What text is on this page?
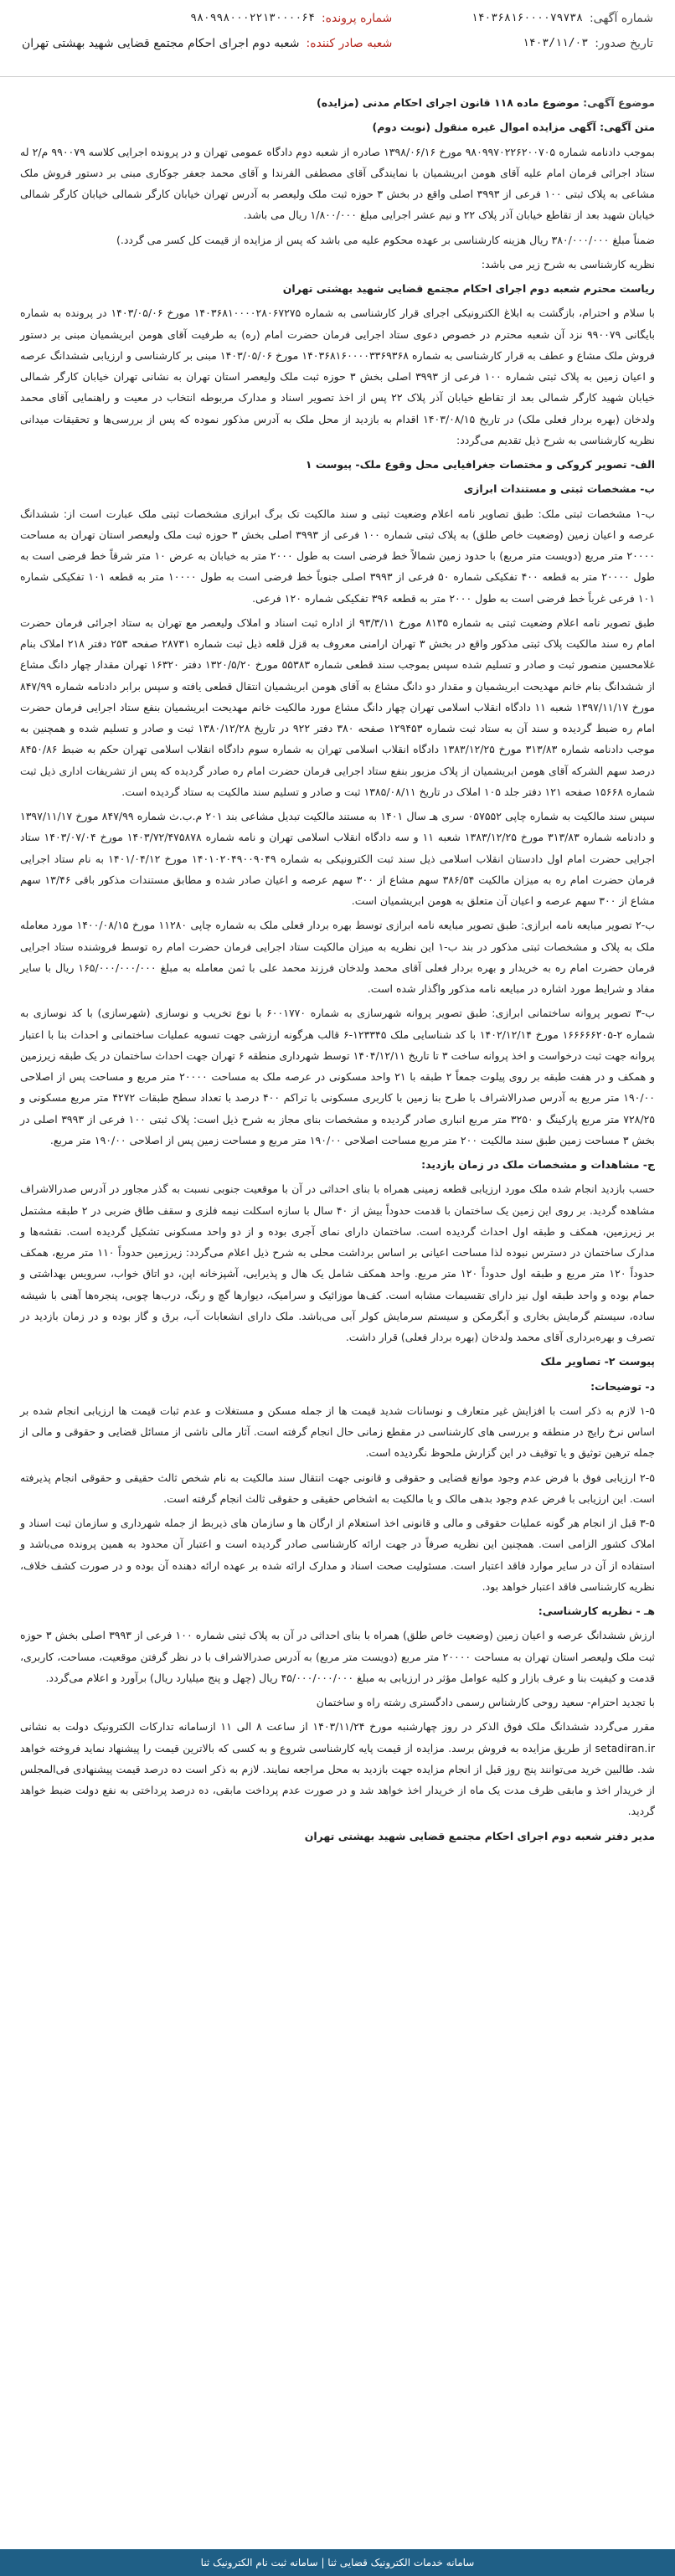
شماره آگهی:
۱۴۰۳۶۸۱۶۰۰۰۰۷۹۷۳۸
تاریخ صدور:
۱۴۰۳/۱۱/۰۳
شماره پرونده:
۹۸۰۹۹۸۰۰۰۲۲۱۳۰۰۰۰۶۴
شعبه صادر کننده:
شعبه دوم اجرای احکام مجتمع قضایی شهید بهشتی تهران

موضوع آگهی: موضوع ماده ۱۱۸ قانون اجرای احکام مدنی (مزایده)

متن آگهی: آگهی مزایده اموال غیره منقول (نوبت دوم)

بموجب دادنامه شماره ۹۸۰۹۹۷۰۲۲۶۲۰۰۷۰۵ مورخ ۱۳۹۸/۰۶/۱۶ صادره از شعبه دوم دادگاه عمومی تهران و در پرونده اجرایی کلاسه ۹۹۰۰۷۹ م/۲ له ستاد اجرائی فرمان امام علیه آقای هومن ابریشمیان با نمایندگی آقای مصطفی الفرندا و آقای محمد جعفر جوکاری مبنی بر دستور فروش ملک مشاعی به پلاک ثبتی ۱۰۰ فرعی از ۳۹۹۳ اصلی واقع در بخش ۳ حوزه ثبت ملک ولیعصر به آدرس تهران خیابان کارگر شمالی خیابان کارگر شمالی خیابان شهید بعد از تقاطع خیابان آذر پلاک ۲۲ و نیم عشر اجرایی مبلغ ۱/۸۰۰/۰۰۰ ریال می باشد.

ضمناً مبلغ ۳۸۰/۰۰۰/۰۰۰ ریال هزینه کارشناسی بر عهده محکوم علیه می باشد که پس از مزایده از قیمت کل کسر می گردد.)

نظریه کارشناسی به شرح زیر می باشد:

ریاست محترم شعبه دوم اجرای احکام مجتمع قضایی شهید بهشتی تهران

با سلام و احترام، بازگشت به ابلاغ الکترونیکی اجرای قرار کارشناسی به شماره ۱۴۰۳۶۸۱۰۰۰۰۲۸۰۶۷۲۷۵ مورخ ۱۴۰۳/۰۵/۰۶ در پرونده به شماره بایگانی ۹۹۰۰۷۹ نزد آن شعبه محترم در خصوص دعوی ستاد اجرایی فرمان حضرت امام (ره) به طرفیت آقای هومن ابریشمیان مبنی بر دستور فروش ملک مشاع و عطف به قرار کارشناسی به شماره ۱۴۰۳۶۸۱۶۰۰۰۰۳۳۶۹۳۶۸ مورخ ۱۴۰۳/۰۵/۰۶ مبنی بر کارشناسی و ارزیابی ششدانگ عرصه و اعیان زمین به پلاک ثبتی شماره ۱۰۰ فرعی از ۳۹۹۳ اصلی بخش ۳ حوزه ثبت ملک ولیعصر استان تهران به نشانی تهران خیابان کارگر شمالی خیابان شهید کارگر شمالی بعد از تقاطع خیابان آذر پلاک ۲۲ پس از اخذ تصویر اسناد و مدارک مربوطه انتخاب در معیت و راهنمایی آقای محمد ولدخان (بهره بردار فعلی ملک) در تاریخ ۱۴۰۳/۰۸/۱۵ اقدام به بازدید از محل ملک به آدرس مذکور نموده که پس از بررسی‌ها و تحقیقات میدانی نظریه کارشناسی به شرح ذیل تقدیم می‌گردد:

الف- تصویر کروکی و مختصات جغرافیایی محل وقوع ملک- پیوست ۱

ب- مشخصات ثبتی و مستندات ابرازی

ب-۱ مشخصات ثبتی ملک: طبق تصاویر نامه اعلام وضعیت ثبتی و سند مالکیت تک برگ ابرازی مشخصات ثبتی ملک عبارت است از: ششدانگ عرصه و اعیان زمین (وضعیت خاص طلق) به پلاک ثبتی شماره ۱۰۰ فرعی از ۳۹۹۳ اصلی بخش ۳ حوزه ثبت ملک ولیعصر استان تهران به مساحت ۲۰۰۰۰ متر مربع (دویست متر مربع) با حدود زمین شمالاً خط فرضی است به طول ۲۰۰۰ متر به خیابان به عرض ۱۰ متر شرقاً خط فرضی است به طول ۲۰۰۰۰ متر به قطعه ۴۰۰ تفکیکی شماره ۵۰ فرعی از ۳۹۹۳ اصلی جنوباً خط فرضی است به طول ۱۰۰۰۰ متر به قطعه ۱۰۱ تفکیکی شماره ۱۰۱ فرعی غرباً خط فرضی است به طول ۲۰۰۰ متر به قطعه ۳۹۶ تفکیکی شماره ۱۲۰ فرعی.

طبق تصویر نامه اعلام وضعیت ثبتی به شماره ۸۱۳۵ مورخ ۹۳/۳/۱۱ از اداره ثبت اسناد و املاک ولیعصر مع تهران به ستاد اجرائی فرمان حضرت امام ره سند مالکیت پلاک ثبتی مذکور واقع در بخش ۳ تهران ارامنی معروف به قزل قلعه ذیل ثبت شماره ۲۸۷۳۱ صفحه ۲۵۳ دفتر ۲۱۸ املاک بنام غلامحسین منصور ثبت و صادر و تسلیم شده سپس بموجب سند قطعی شماره ۵۵۳۸۳ مورخ ۱۳۲۰/۵/۲۰ دفتر ۱۶۳۲۰ تهران مقدار چهار دانگ مشاع از ششدانگ بنام خانم مهدیحت ابریشمیان و مقدار دو دانگ مشاع به آقای هومن ابریشمیان انتقال قطعی یافته و سپس برابر دادنامه شماره ۸۴۷/۹۹ مورخ ۱۳۹۷/۱۱/۱۷ شعبه ۱۱ دادگاه انقلاب اسلامی تهران چهار دانگ مشاع مورد مالکیت خانم مهدیحت ابریشمیان بنفع ستاد اجرایی فرمان حضرت امام ره ضبط گردیده و سند آن به ستاد ثبت شماره ۱۲۹۴۵۳ صفحه ۳۸۰ دفتر ۹۲۲ در تاریخ ۱۳۸۰/۱۲/۲۸ ثبت و صادر و تسلیم شده و همچنین به موجب دادنامه شماره ۳۱۳/۸۳ مورخ ۱۳۸۳/۱۲/۲۵ دادگاه انقلاب اسلامی تهران به شماره سوم دادگاه انقلاب اسلامی تهران حکم به ضبط ۸۴۵۰/۸۶ درصد سهم الشرکه آقای هومن ابریشمیان از پلاک مزبور بنفع ستاد اجرایی فرمان حضرت امام ره صادر گردیده که پس از تشریفات اداری ذیل ثبت شماره ۱۵۶۶۸ صفحه ۱۲۱ دفتر جلد ۱۰۵ املاک در تاریخ ۱۳۸۵/۰۸/۱۱ ثبت و صادر و تسلیم سند مالکیت به ستاد گردیده است.

سپس سند مالکیت به شماره چاپی ۰۵۷۵۵۲ سری هـ سال ۱۴۰۱ به مستند مالکیت تبدیل مشاعی بند ۲۰۱ م.ب.ث شماره ۸۴۷/۹۹ مورخ ۱۳۹۷/۱۱/۱۷ و دادنامه شماره ۳۱۳/۸۳ مورخ ۱۳۸۳/۱۲/۲۵ شعبه ۱۱ و سه دادگاه انقلاب اسلامی تهران و نامه شماره ۱۴۰۳/۷۲/۴۷۵۸۷۸ مورخ ۱۴۰۳/۰۷/۰۴ ستاد اجرایی حضرت امام اول دادستان انقلاب اسلامی ذیل سند ثبت الکترونیکی به شماره ۱۴۰۱۰۲۰۴۹۰۰۹۰۴۹ مورخ ۱۴۰۱/۰۴/۱۲ به نام ستاد اجرایی فرمان حضرت امام ره به میزان مالکیت ۳۸۶/۵۴ سهم مشاع از ۳۰۰ سهم عرصه و اعیان صادر شده و مطابق مستندات مذکور باقی ۱۳/۴۶ سهم مشاع از ۳۰۰ سهم عرصه و اعیان آن متعلق به هومن ابریشمیان است.

ب-۲ تصویر مبایعه نامه ابرازی: طبق تصویر مبایعه نامه ابرازی توسط بهره بردار فعلی ملک به شماره چاپی ۱۱۲۸۰ مورخ ۱۴۰۰/۰۸/۱۵ مورد معامله ملک به پلاک و مشخصات ثبتی مذکور در بند ب-۱ این نظریه به میزان مالکیت ستاد اجرایی فرمان حضرت امام ره توسط فروشنده ستاد اجرایی فرمان حضرت امام ره به خریدار و بهره بردار فعلی آقای محمد ولدخان فرزند محمد علی با ثمن معامله به مبلغ ۱۶۵/۰۰۰/۰۰۰/۰۰۰ ریال با سایر مفاد و شرایط مورد اشاره در مبایعه نامه مذکور واگذار شده است.

ب-۳ تصویر پروانه ساختمانی ابرازی: طبق تصویر پروانه شهرسازی به شماره ۶۰۰۱۷۷۰ با نوع تخریب و نوسازی (شهرسازی) با کد نوسازی به شماره ۲-۱۶۶۶۶۶۲۰۵ مورخ ۱۴۰۲/۱۲/۱۴ با کد شناسایی ملک ۱۲۳۳۴۵-۶ قالب هرگونه ارزشی جهت تسویه عملیات ساختمانی و احداث بنا با اعتبار پروانه جهت ثبت درخواست و اخذ پروانه ساخت ۳ تا تاریخ ۱۴۰۴/۱۲/۱۱ توسط شهرداری منطقه ۶ تهران جهت احداث ساختمان در یک طبقه زیرزمین و همکف و در هفت طبقه بر روی پیلوت جمعاً ۲ طبقه با ۲۱ واحد مسکونی در عرصه ملک به مساحت ۲۰۰۰۰ متر مربع و مساحت پس از اصلاحی ۱۹۰/۰۰ متر مربع به آدرس صدرالاشراف با طرح بنا زمین با کاربری مسکونی با تراکم ۴۰۰ درصد با تعداد سطح طبقات ۴۲۷۲ متر مربع مسکونی و ۷۲۸/۲۵ متر مربع پارکینگ و ۳۲۵۰ متر مربع انباری صادر گردیده و مشخصات بنای مجاز به شرح ذیل است: پلاک ثبتی ۱۰۰ فرعی از ۳۹۹۳ اصلی در بخش ۳ مساحت زمین طبق سند مالکیت ۲۰۰ متر مربع مساحت اصلاحی ۱۹۰/۰۰ متر مربع و مساحت زمین پس از اصلاحی ۱۹۰/۰۰ متر مربع.

ج- مشاهدات و مشخصات ملک در زمان بازدید:

حسب بازدید انجام شده ملک مورد ارزیابی قطعه زمینی همراه با بنای احداثی در آن با موقعیت جنوبی نسبت به گذر مجاور در آدرس صدرالاشراف مشاهده گردید. بر روی این زمین یک ساختمان با قدمت حدوداً بیش از ۴۰ سال با سازه اسکلت نیمه فلزی و سقف طاق ضربی در ۲ طبقه مشتمل بر زیرزمین، همکف و طبقه اول احداث گردیده است. ساختمان دارای نمای آجری بوده و از دو واحد مسکونی تشکیل گردیده است. نقشه‌ها و مدارک ساختمان در دسترس نبوده لذا مساحت اعیانی بر اساس برداشت محلی به شرح ذیل اعلام می‌گردد: زیرزمین حدوداً ۱۱۰ متر مربع، همکف حدوداً ۱۲۰ متر مربع و طبقه اول حدوداً ۱۲۰ متر مربع. واحد همکف شامل یک هال و پذیرایی، آشپزخانه اپن، دو اتاق خواب، سرویس بهداشتی و حمام بوده و واحد طبقه اول نیز دارای تقسیمات مشابه است. کف‌ها موزائیک و سرامیک، دیوارها گچ و رنگ، درب‌ها چوبی، پنجره‌ها آهنی با شیشه ساده، سیستم گرمایش بخاری و آبگرمکن و سیستم سرمایش کولر آبی می‌باشد. ملک دارای انشعابات آب، برق و گاز بوده و در زمان بازدید در تصرف و بهره‌برداری آقای محمد ولدخان (بهره بردار فعلی) قرار داشت.

پیوست ۲- تصاویر ملک

د- توضیحات:

۱-۵ لازم به ذکر است با افزایش غیر متعارف و نوسانات شدید قیمت ها از جمله مسکن و مستغلات و عدم ثبات قیمت ها ارزیابی انجام شده بر اساس نرخ رایج در منطقه و بررسی های کارشناسی در مقطع زمانی حال انجام گرفته است. آثار مالی ناشی از مسائل قضایی و حقوقی و مالی از جمله ترهین توثیق و یا توقیف در این گزارش ملحوظ نگردیده است.

۲-۵ ارزیابی فوق با فرض عدم وجود موانع قضایی و حقوقی و قانونی جهت انتقال سند مالکیت به نام شخص ثالث حقیقی و حقوقی انجام پذیرفته است. این ارزیابی با فرض عدم وجود بدهی مالک و یا مالکیت به اشخاص حقیقی و حقوقی ثالث انجام گرفته است.

۳-۵ قبل از انجام هر گونه عملیات حقوقی و مالی و قانونی اخذ استعلام از ارگان ها و سازمان های ذیربط از جمله شهرداری و سازمان ثبت اسناد و املاک کشور الزامی است. همچنین این نظریه صرفاً در جهت ارائه کارشناسی صادر گردیده است و اعتبار آن محدود به همین پرونده می‌باشد و استفاده از آن در سایر موارد فاقد اعتبار است. مسئولیت صحت اسناد و مدارک ارائه شده بر عهده ارائه دهنده آن بوده و در صورت کشف خلاف، نظریه کارشناسی فاقد اعتبار خواهد بود.

هـ - نظریه کارشناسی:

ارزش ششدانگ عرصه و اعیان زمین (وضعیت خاص طلق) همراه با بنای احداثی در آن به پلاک ثبتی شماره ۱۰۰ فرعی از ۳۹۹۳ اصلی بخش ۳ حوزه ثبت ملک ولیعصر استان تهران به مساحت ۲۰۰۰۰ متر مربع (دویست متر مربع) به آدرس صدرالاشراف با در نظر گرفتن موقعیت، مساحت، کاربری، قدمت و کیفیت بنا و عرف بازار و کلیه عوامل مؤثر در ارزیابی به مبلغ ۴۵/۰۰۰/۰۰۰/۰۰۰ ریال (چهل و پنج میلیارد ریال) برآورد و اعلام می‌گردد.

با تجدید احترام- سعید روحی کارشناس رسمی دادگستری رشته راه و ساختمان

مقرر می‌گردد ششدانگ ملک فوق الذکر در روز چهارشنبه مورخ ۱۴۰۳/۱۱/۲۴ از ساعت ۸ الی ۱۱ ازسامانه تدارکات الکترونیک دولت به نشانی setadiran.ir از طریق مزایده به فروش برسد. مزایده از قیمت پایه کارشناسی شروع و به کسی که بالاترین قیمت را پیشنهاد نماید فروخته خواهد شد. طالبین خرید می‌توانند پنج روز قبل از انجام مزایده جهت بازدید به محل مراجعه نمایند. لازم به ذکر است ده درصد قیمت پیشنهادی فی‌المجلس از خریدار اخذ و مابقی ظرف مدت یک ماه از خریدار اخذ خواهد شد و در صورت عدم پرداخت مابقی، ده درصد پرداختی به نفع دولت ضبط خواهد گردید.

مدیر دفتر شعبه دوم اجرای احکام مجتمع قضایی شهید بهشتی تهران

سامانه خدمات الکترونیک قضایی ثنا | سامانه ثبت نام الکترونیک ثنا
